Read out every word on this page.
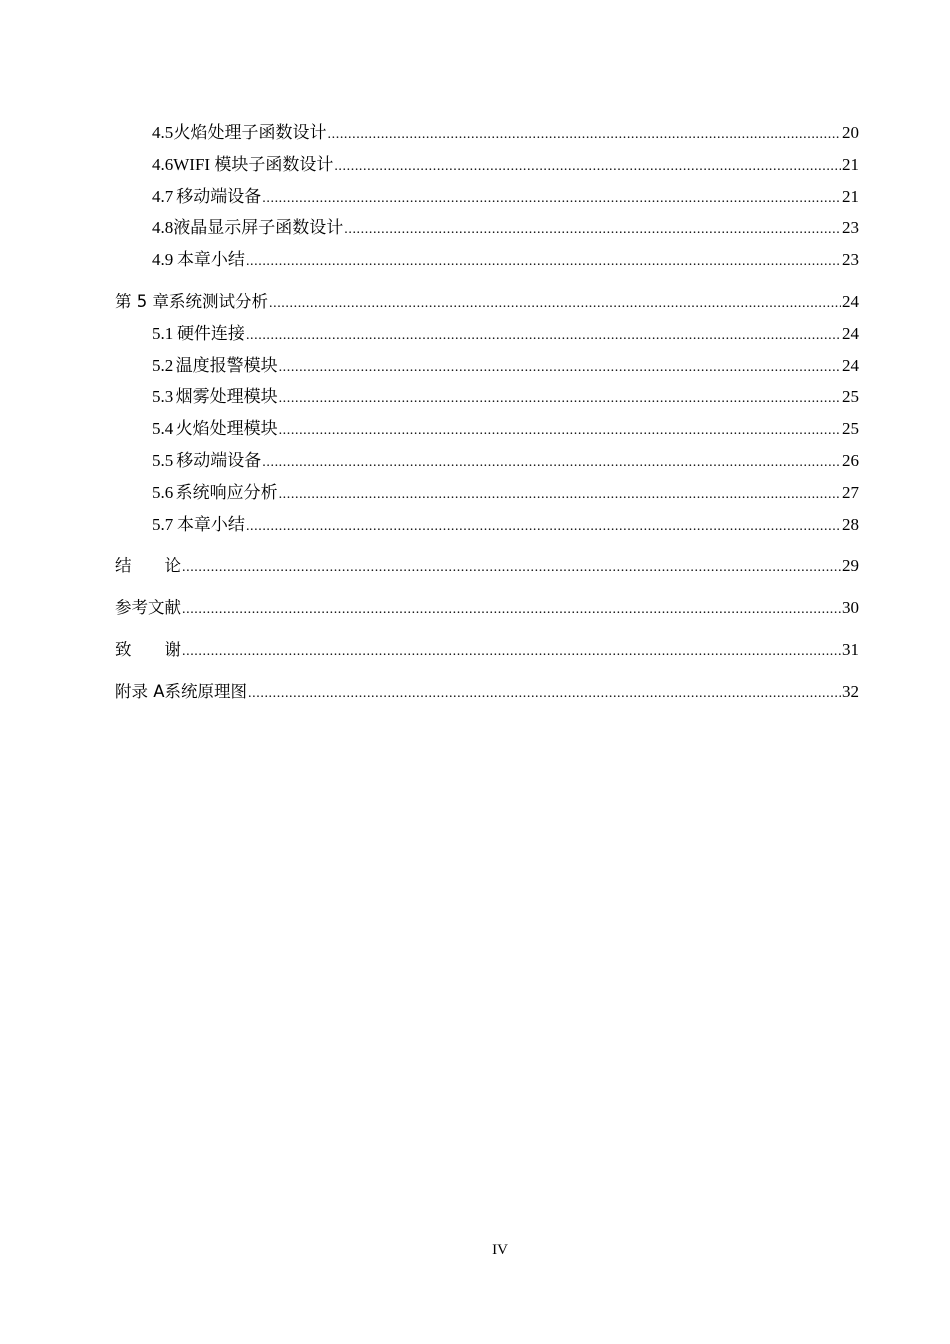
4.5 火焰处理子函数设计 .....	20
4.6 WIFI 模块子函数设计 .....	21
4.7 移动端设备 .....	21
4.8 液晶显示屏子函数设计 .....	23
4.9 本章小结 .....	23
第 5 章 系统测试分析 .....	24
5.1 硬件连接 .....	24
5.2 温度报警模块 .....	24
5.3 烟雾处理模块 .....	25
5.4 火焰处理模块 .....	25
5.5 移动端设备 .....	26
5.6 系统响应分析 .....	27
5.7 本章小结 .....	28
结　　论 .....	29
参考文献 .....	30
致　　谢 .....	31
附录 A 系统原理图 .....	32
IV
